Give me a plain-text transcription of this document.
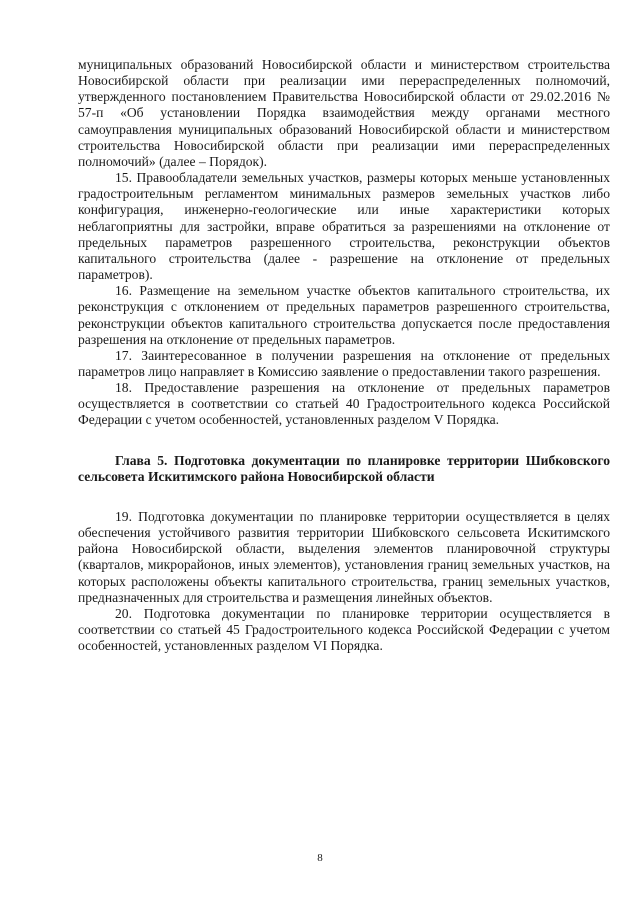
муниципальных образований Новосибирской области и министерством строительства Новосибирской области при реализации ими перераспределенных полномочий, утвержденного постановлением Правительства Новосибирской области от 29.02.2016 № 57-п «Об установлении Порядка взаимодействия между органами местного самоуправления муниципальных образований Новосибирской области и министерством строительства Новосибирской области при реализации ими перераспределенных полномочий» (далее – Порядок).

15. Правообладатели земельных участков, размеры которых меньше установленных градостроительным регламентом минимальных размеров земельных участков либо конфигурация, инженерно-геологические или иные характеристики которых неблагоприятны для застройки, вправе обратиться за разрешениями на отклонение от предельных параметров разрешенного строительства, реконструкции объектов капитального строительства (далее - разрешение на отклонение от предельных параметров).

16. Размещение на земельном участке объектов капитального строительства, их реконструкция с отклонением от предельных параметров разрешенного строительства, реконструкции объектов капитального строительства допускается после предоставления разрешения на отклонение от предельных параметров.

17. Заинтересованное в получении разрешения на отклонение от предельных параметров лицо направляет в Комиссию заявление о предоставлении такого разрешения.

18. Предоставление разрешения на отклонение от предельных параметров осуществляется в соответствии со статьей 40 Градостроительного кодекса Российской Федерации с учетом особенностей, установленных разделом V Порядка.

Глава 5. Подготовка документации по планировке территории Шибковского сельсовета Искитимского района Новосибирской области

19. Подготовка документации по планировке территории осуществляется в целях обеспечения устойчивого развития территории Шибковского сельсовета Искитимского района Новосибирской области, выделения элементов планировочной структуры (кварталов, микрорайонов, иных элементов), установления границ земельных участков, на которых расположены объекты капитального строительства, границ земельных участков, предназначенных для строительства и размещения линейных объектов.

20. Подготовка документации по планировке территории осуществляется в соответствии со статьей 45 Градостроительного кодекса Российской Федерации с учетом особенностей, установленных разделом VI Порядка.

8
